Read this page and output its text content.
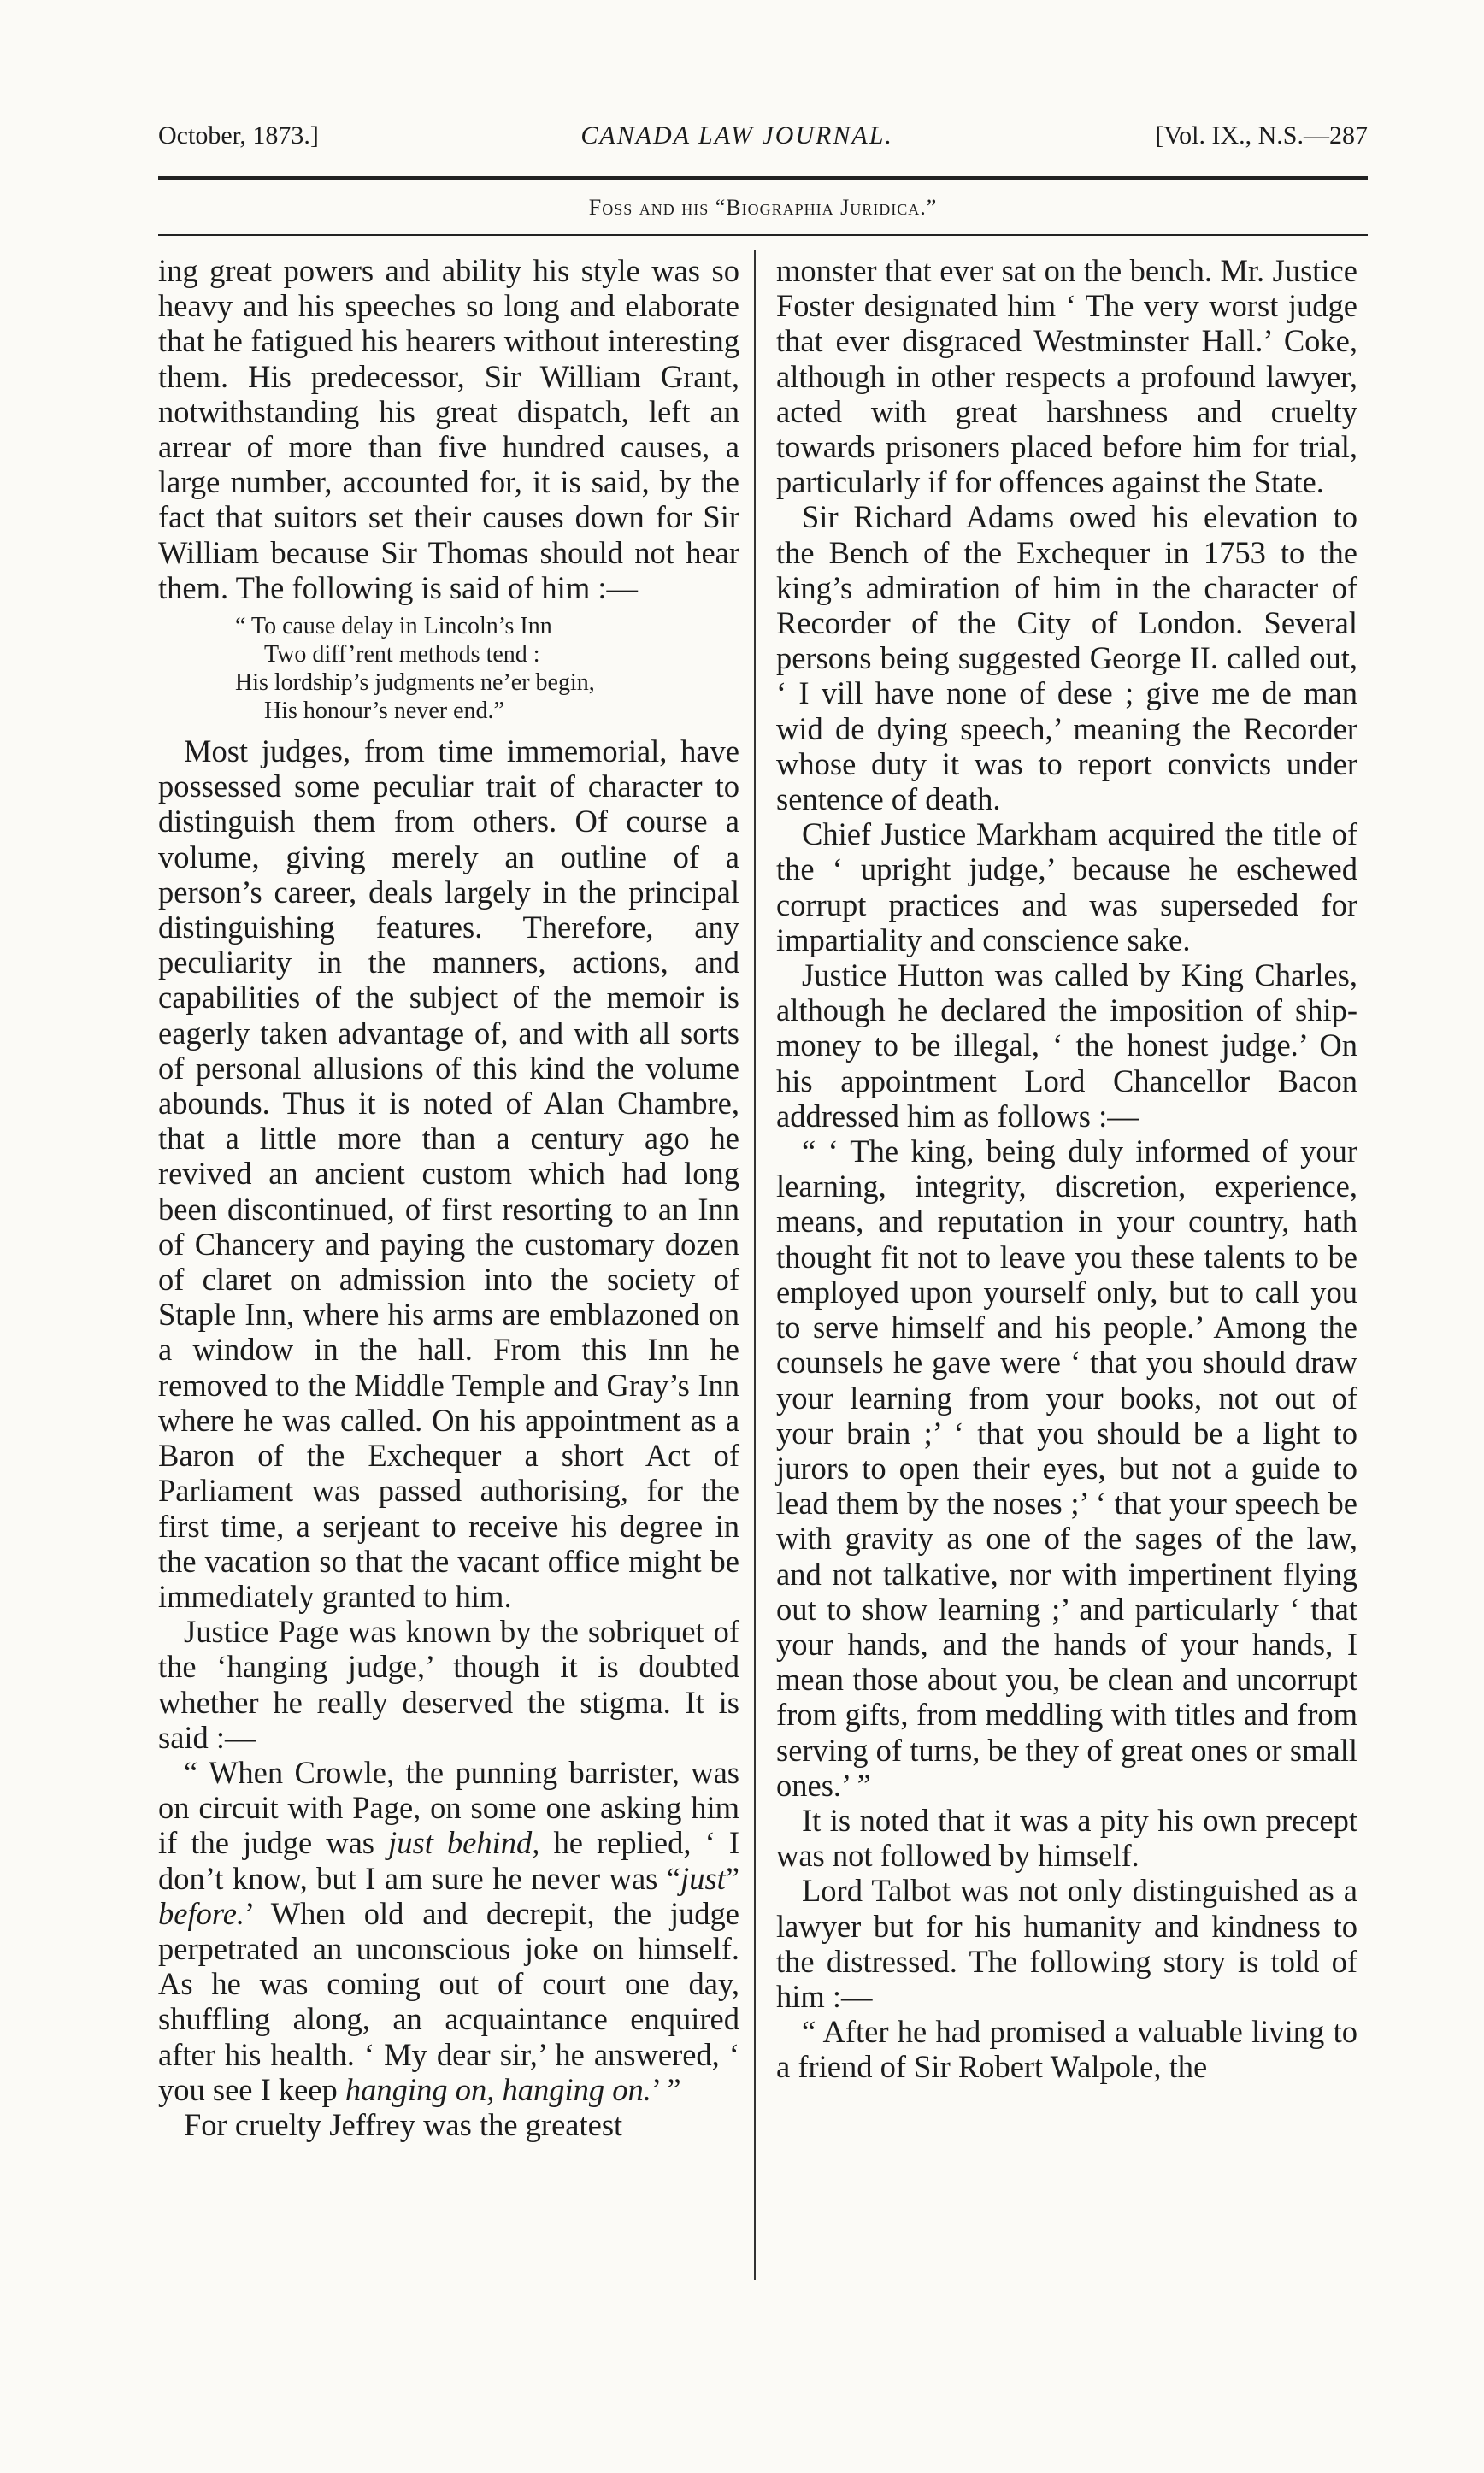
October, 1873.]	CANADA LAW JOURNAL.	[Vol. IX., N.S.—287
Foss and his “Biographia Juridica.”

ing great powers and ability his style was so heavy and his speeches so long and elaborate that he fatigued his hearers without interesting them. His predecessor, Sir William Grant, notwithstanding his great dispatch, left an arrear of more than five hundred causes, a large number, accounted for, it is said, by the fact that suitors set their causes down for Sir William because Sir Thomas should not hear them. The following is said of him :—

“ To cause delay in Lincoln’s Inn
Two diff’rent methods tend :
His lordship’s judgments ne’er begin,
His honour’s never end.”

Most judges, from time immemorial, have possessed some peculiar trait of character to distinguish them from others. Of course a volume, giving merely an outline of a person’s career, deals largely in the principal distinguishing features. Therefore, any peculiarity in the manners, actions, and capabilities of the subject of the memoir is eagerly taken advantage of, and with all sorts of personal allusions of this kind the volume abounds. Thus it is noted of Alan Chambre, that a little more than a century ago he revived an ancient custom which had long been discontinued, of first resorting to an Inn of Chancery and paying the customary dozen of claret on admission into the society of Staple Inn, where his arms are emblazoned on a window in the hall. From this Inn he removed to the Middle Temple and Gray’s Inn where he was called. On his appointment as a Baron of the Exchequer a short Act of Parliament was passed authorising, for the first time, a serjeant to receive his degree in the vacation so that the vacant office might be immediately granted to him.

Justice Page was known by the sobriquet of the ‘hanging judge,’ though it is doubted whether he really deserved the stigma. It is said :—

“ When Crowle, the punning barrister, was on circuit with Page, on some one asking him if the judge was just behind, he replied, ‘ I don’t know, but I am sure he never was “just” before.’ When old and decrepit, the judge perpetrated an unconscious joke on himself. As he was coming out of court one day, shuffling along, an acquaintance enquired after his health. ‘ My dear sir,’ he answered, ‘ you see I keep hanging on, hanging on.’ ”

For cruelty Jeffrey was the greatest

monster that ever sat on the bench. Mr. Justice Foster designated him ‘ The very worst judge that ever disgraced Westminster Hall.’ Coke, although in other respects a profound lawyer, acted with great harshness and cruelty towards prisoners placed before him for trial, particularly if for offences against the State.

Sir Richard Adams owed his elevation to the Bench of the Exchequer in 1753 to the king’s admiration of him in the character of Recorder of the City of London. Several persons being suggested George II. called out, ‘ I vill have none of dese ; give me de man wid de dying speech,’ meaning the Recorder whose duty it was to report convicts under sentence of death.

Chief Justice Markham acquired the title of the ‘ upright judge,’ because he eschewed corrupt practices and was superseded for impartiality and conscience sake.

Justice Hutton was called by King Charles, although he declared the imposition of ship-money to be illegal, ‘ the honest judge.’ On his appointment Lord Chancellor Bacon addressed him as follows :—

“ ‘ The king, being duly informed of your learning, integrity, discretion, experience, means, and reputation in your country, hath thought fit not to leave you these talents to be employed upon yourself only, but to call you to serve himself and his people.’ Among the counsels he gave were ‘ that you should draw your learning from your books, not out of your brain ;’ ‘ that you should be a light to jurors to open their eyes, but not a guide to lead them by the noses ;’ ‘ that your speech be with gravity as one of the sages of the law, and not talkative, nor with impertinent flying out to show learning ;’ and particularly ‘ that your hands, and the hands of your hands, I mean those about you, be clean and uncorrupt from gifts, from meddling with titles and from serving of turns, be they of great ones or small ones.’ ”

It is noted that it was a pity his own precept was not followed by himself.

Lord Talbot was not only distinguished as a lawyer but for his humanity and kindness to the distressed. The following story is told of him :—

“ After he had promised a valuable living to a friend of Sir Robert Walpole, the
